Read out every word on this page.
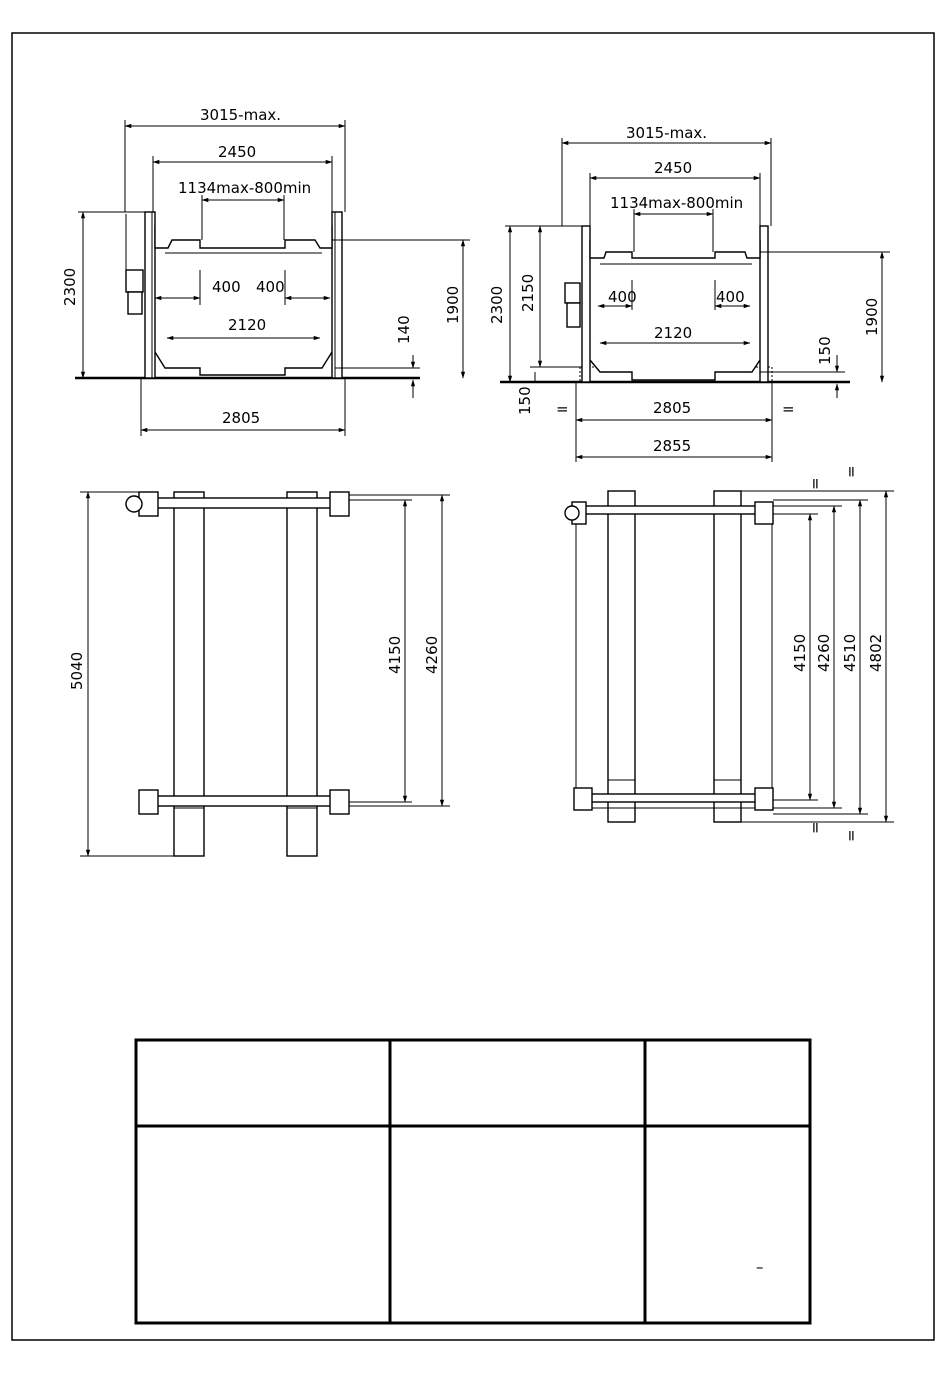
3015-max.
2450
1134max-800min
2300	1900
400 400
2120	140
2805
3015-max.
2450
1134max-800min
2300 2150
1900
400	400
2120
150
150	2805
=	=
2855
5040	4150 4260	4150 4260 4510 4802
=
=
=
=
–
